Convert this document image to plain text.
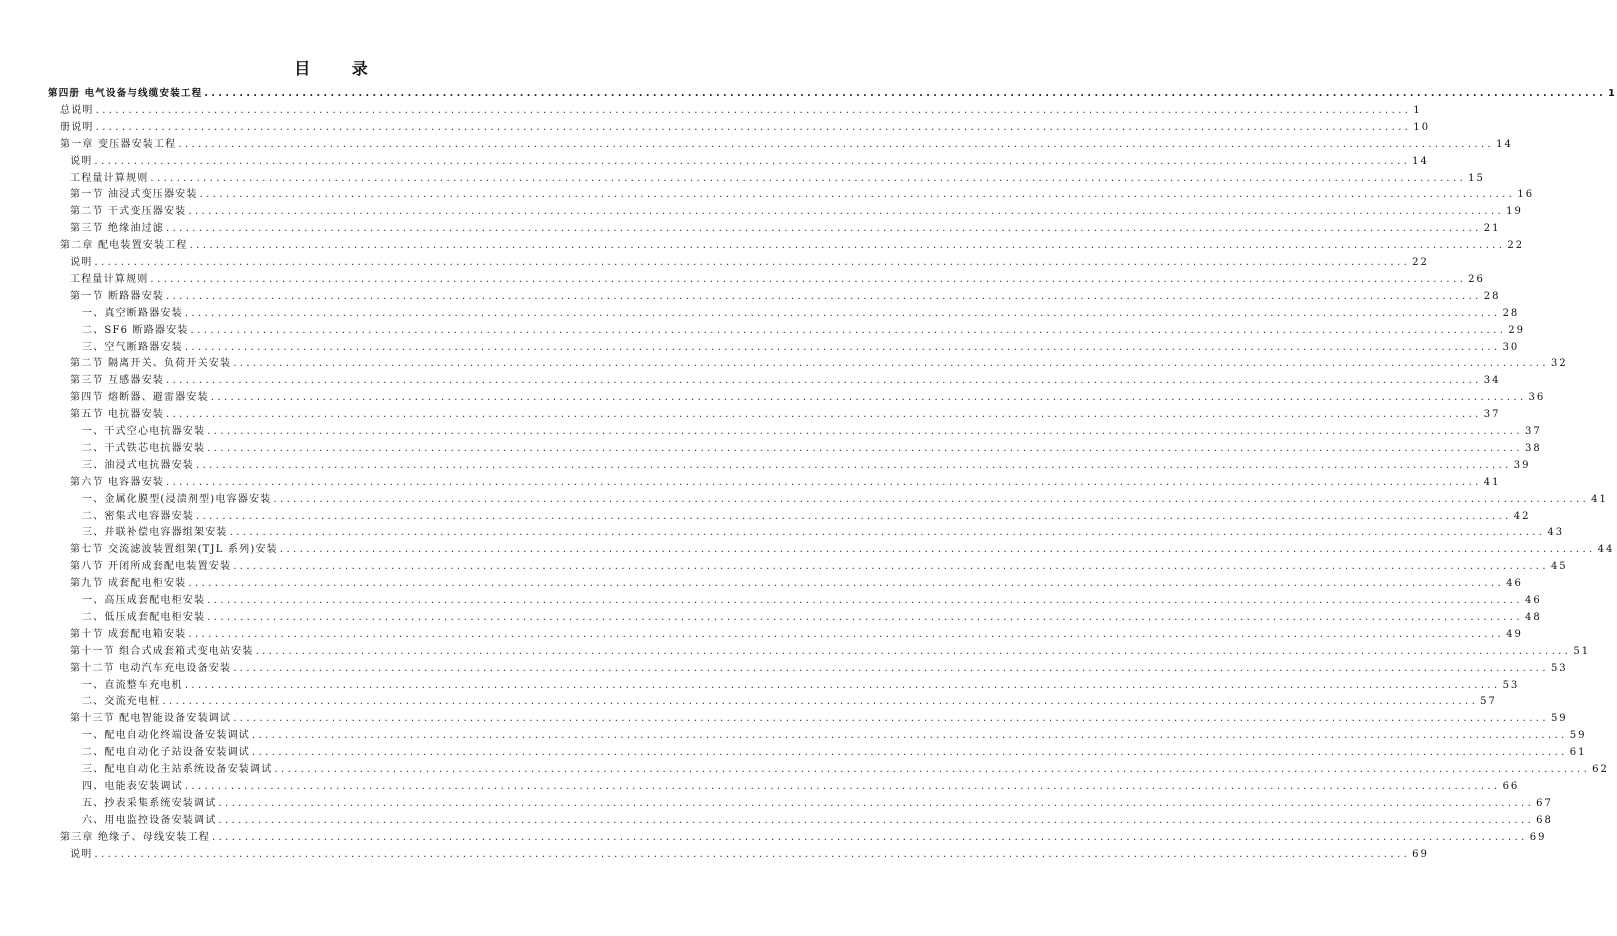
目 录
第四册 电气设备与线缆安装工程 ........................................................................................................................................................................................................ 1
总说明 ........................................................................................................................................................................................................ 1
册说明 ........................................................................................................................................................................................................ 10
第一章 变压器安装工程 ........................................................................................................................................................................................................ 14
说明 ........................................................................................................................................................................................................ 14
工程量计算规则 ........................................................................................................................................................................................................ 15
第一节 油浸式变压器安装 ........................................................................................................................................................................................................ 16
第二节 干式变压器安装 ........................................................................................................................................................................................................ 19
第三节 绝缘油过滤 ........................................................................................................................................................................................................ 21
第二章 配电装置安装工程 ........................................................................................................................................................................................................ 22
说明 ........................................................................................................................................................................................................ 22
工程量计算规则 ........................................................................................................................................................................................................ 26
第一节 断路器安装 ........................................................................................................................................................................................................ 28
一、真空断路器安装 ........................................................................................................................................................................................................ 28
二、SF6 断路器安装 ........................................................................................................................................................................................................ 29
三、空气断路器安装 ........................................................................................................................................................................................................ 30
第二节 隔离开关、负荷开关安装 ........................................................................................................................................................................................................ 32
第三节 互感器安装 ........................................................................................................................................................................................................ 34
第四节 熔断器、避雷器安装 ........................................................................................................................................................................................................ 36
第五节 电抗器安装 ........................................................................................................................................................................................................ 37
一、干式空心电抗器安装 ........................................................................................................................................................................................................ 37
二、干式铁芯电抗器安装 ........................................................................................................................................................................................................ 38
三、油浸式电抗器安装 ........................................................................................................................................................................................................ 39
第六节 电容器安装 ........................................................................................................................................................................................................ 41
一、金属化膜型(浸渍剂型)电容器安装 ........................................................................................................................................................................................................ 41
二、密集式电容器安装 ........................................................................................................................................................................................................ 42
三、并联补偿电容器组架安装 ........................................................................................................................................................................................................ 43
第七节 交流滤波装置组架(TJL 系列)安装 ........................................................................................................................................................................................................ 44
第八节 开闭所成套配电装置安装 ........................................................................................................................................................................................................ 45
第九节 成套配电柜安装 ........................................................................................................................................................................................................ 46
一、高压成套配电柜安装 ........................................................................................................................................................................................................ 46
二、低压成套配电柜安装 ........................................................................................................................................................................................................ 48
第十节 成套配电箱安装 ........................................................................................................................................................................................................ 49
第十一节 组合式成套箱式变电站安装 ........................................................................................................................................................................................................ 51
第十二节 电动汽车充电设备安装 ........................................................................................................................................................................................................ 53
一、直流整车充电机 ........................................................................................................................................................................................................ 53
二、交流充电桩 ........................................................................................................................................................................................................ 57
第十三节 配电智能设备安装调试 ........................................................................................................................................................................................................ 59
一、配电自动化终端设备安装调试 ........................................................................................................................................................................................................ 59
二、配电自动化子站设备安装调试 ........................................................................................................................................................................................................ 61
三、配电自动化主站系统设备安装调试 ........................................................................................................................................................................................................ 62
四、电能表安装调试 ........................................................................................................................................................................................................ 66
五、抄表采集系统安装调试 ........................................................................................................................................................................................................ 67
六、用电监控设备安装调试 ........................................................................................................................................................................................................ 68
第三章 绝缘子、母线安装工程 ........................................................................................................................................................................................................ 69
说明 ........................................................................................................................................................................................................ 69
